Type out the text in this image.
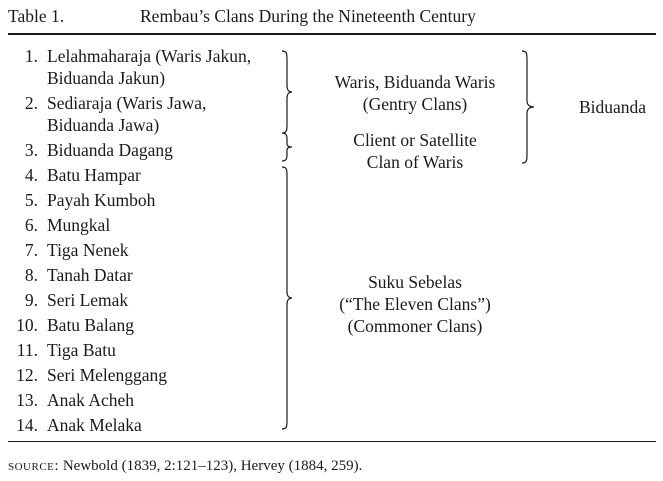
Table 1.	Rembau’s Clans During the Nineteenth Century
1. Lelahmaharaja (Waris Jakun,
Biduanda Jakun)
2. Sediaraja (Waris Jawa,
Biduanda Jawa)
3. Biduanda Dagang
4. Batu Hampar
5. Payah Kumboh
6. Mungkal
7. Tiga Nenek
8. Tanah Datar
9. Seri Lemak
10. Batu Balang
11. Tiga Batu
12. Seri Melenggang
13. Anak Acheh
14. Anak Melaka
Waris, Biduanda Waris
(Gentry Clans)
Client or Satellite
Clan of Waris
Suku Sebelas
(“The Eleven Clans”)
(Commoner Clans)
Biduanda
source: Newbold (1839, 2:121–123), Hervey (1884, 259).
